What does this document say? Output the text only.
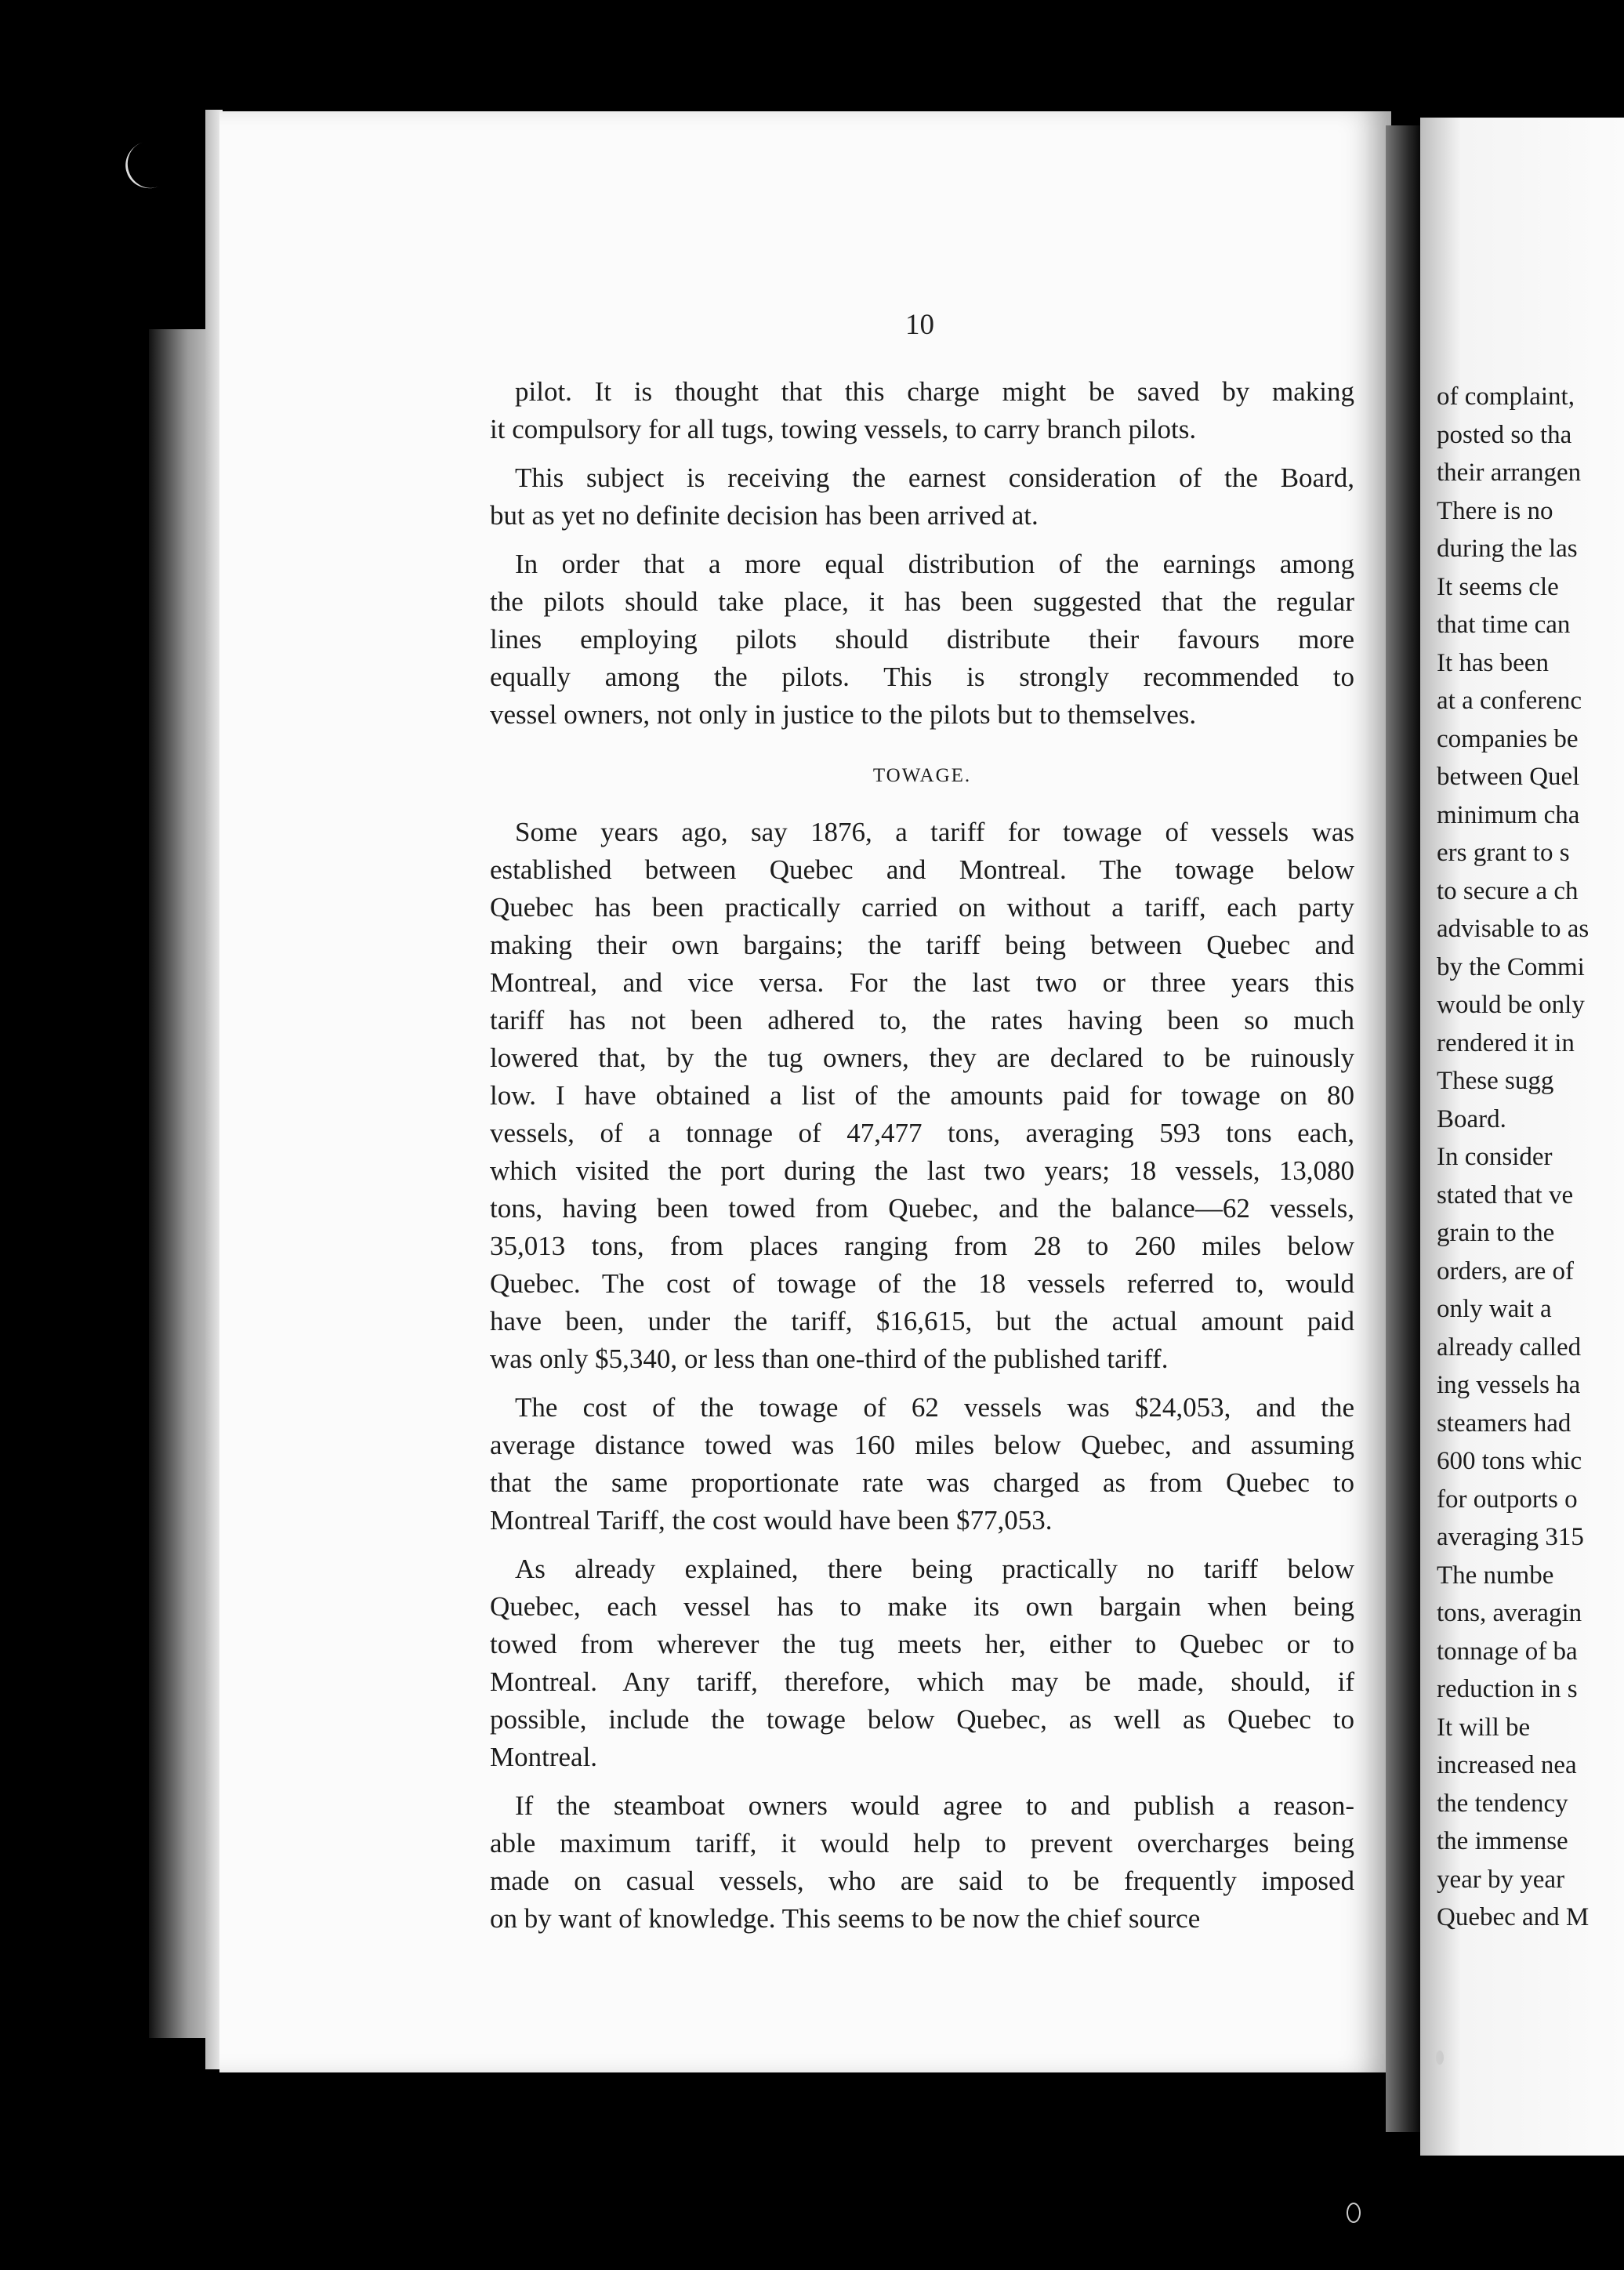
10

pilot. It is thought that this charge might be saved by making

it compulsory for all tugs, towing vessels, to carry branch pilots.

This subject is receiving the earnest consideration of the Board,

but as yet no definite decision has been arrived at.

In order that a more equal distribution of the earnings among

the pilots should take place, it has been suggested that the regular

lines employing pilots should distribute their favours more

equally among the pilots. This is strongly recommended to

vessel owners, not only in justice to the pilots but to themselves.

TOWAGE.

Some years ago, say 1876, a tariff for towage of vessels was

established between Quebec and Montreal. The towage below

Quebec has been practically carried on without a tariff, each party

making their own bargains; the tariff being between Quebec and

Montreal, and vice versa. For the last two or three years this

tariff has not been adhered to, the rates having been so much

lowered that, by the tug owners, they are declared to be ruinously

low. I have obtained a list of the amounts paid for towage on 80

vessels, of a tonnage of 47,477 tons, averaging 593 tons each,

which visited the port during the last two years; 18 vessels, 13,080

tons, having been towed from Quebec, and the balance—62 vessels,

35,013 tons, from places ranging from 28 to 260 miles below

Quebec. The cost of towage of the 18 vessels referred to, would

have been, under the tariff, $16,615, but the actual amount paid

was only $5,340, or less than one-third of the published tariff.

The cost of the towage of 62 vessels was $24,053, and the

average distance towed was 160 miles below Quebec, and assuming

that the same proportionate rate was charged as from Quebec to

Montreal Tariff, the cost would have been $77,053.

As already explained, there being practically no tariff below

Quebec, each vessel has to make its own bargain when being

towed from wherever the tug meets her, either to Quebec or to

Montreal. Any tariff, therefore, which may be made, should, if

possible, include the towage below Quebec, as well as Quebec to

Montreal.

If the steamboat owners would agree to and publish a reason-

able maximum tariff, it would help to prevent overcharges being

made on casual vessels, who are said to be frequently imposed

on by want of knowledge. This seems to be now the chief source

of complaint,
posted so tha
their arrangen
There is no
during the las
It seems cle
that time can
It has been
at a conferenc
companies be
between Quel
minimum cha
ers grant to s
to secure a ch
advisable to as
by the Commi
would be only
rendered it in
These sugg
Board.
In consider
stated that ve
grain to the
orders, are of
only wait a
already called
ing vessels ha
steamers had
600 tons whic
for outports o
averaging 315
The numbe
tons, averagin
tonnage of ba
reduction in s
It will be
increased nea
the tendency
the immense
year by year
Quebec and M
